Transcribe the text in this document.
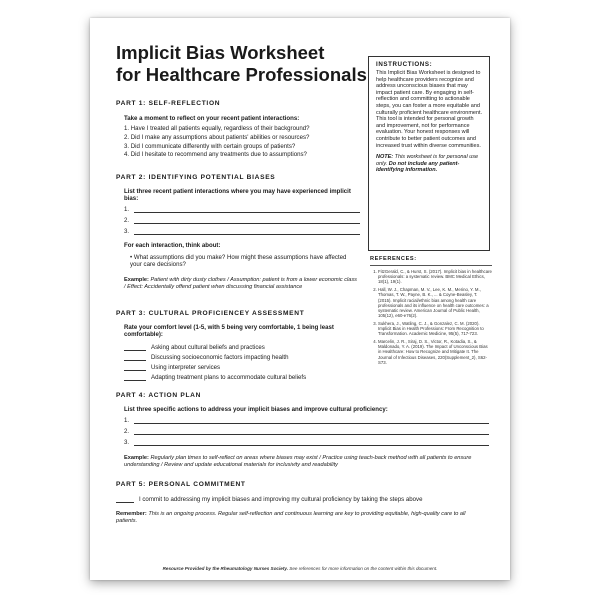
Implicit Bias Worksheet
for Healthcare Professionals INSTRUCTIONS:
This Implicit Bias Worksheet is designed to help healthcare providers recognize and address unconscious biases that may impact patient care. By engaging in self-reflection and committing to actionable steps, you can foster a more equitable and culturally proficient healthcare environment. This tool is intended for personal growth and improvement, not for performance evaluation. Your honest responses will contribute to better patient outcomes and increased trust within diverse communities.
NOTE: This worksheet is for personal use only. Do not include any patient-identifying information.
REFERENCES:
1. FitzGerald, C., & Hurst, S. (2017). Implicit bias in healthcare professionals: a systematic review. BMC Medical Ethics, 18(1), 19(1).
2. Hall, W. J., Chapman, M. V., Lee, K. M., Merino, Y. M., Thomas, T. W., Payne, B. K., ... & Coyne-Beasley, T. (2015). Implicit racial/ethnic bias among health care professionals and its influence on health care outcomes: a systematic review. American Journal of Public Health, 105(12), e60-e76(2).
3. Sukhera, J., Watling, C. J., & Gonzalez, C. M. (2020). Implicit Bias in Health Professions: From Recognition to Transformation. Academic Medicine, 95(5), 717-723.
4. Marcelin, J. R., Siraj, D. S., Victor, R., Kotadia, S., & Maldonado, Y. A. (2019). The Impact of Unconscious Bias in Healthcare: How to Recognize and Mitigate It. The Journal of Infectious Diseases, 220(Supplement_2), S62-S73.
PART 1: SELF-REFLECTION
Take a moment to reflect on your recent patient interactions:
1. Have I treated all patients equally, regardless of their background?
2. Did I make any assumptions about patients' abilities or resources?
3. Did I communicate differently with certain groups of patients?
4. Did I hesitate to recommend any treatments due to assumptions?
PART 2: IDENTIFYING POTENTIAL BIASES
List three recent patient interactions where you may have experienced implicit bias:
1.
2.
3.
For each interaction, think about:
• What assumptions did you make? How might these assumptions have affected your care decisions?
Example: Patient with dirty dusty clothes / Assumption: patient is from a lower economic class / Effect: Accidentally offend patient when discussing financial assistance
PART 3: CULTURAL PROFICIENCEY ASSESSMENT
Rate your comfort level (1-5, with 5 being very comfortable, 1 being least comfortable):
Asking about cultural beliefs and practices
Discussing socioeconomic factors impacting health
Using interpreter services
Adapting treatment plans to accommodate cultural beliefs
PART 4: ACTION PLAN
List three specific actions to address your implicit biases and improve cultural proficiency:
1.
2.
3.
Example: Regularly plan times to self-reflect on areas where biases may exist / Practice using teach-back method with all patients to ensure understanding / Review and update educational materials for inclusivity and readability
PART 5: PERSONAL COMMITMENT
I commit to addressing my implicit biases and improving my cultural proficiency by taking the steps above
Remember: This is an ongoing process. Regular self-reflection and continuous learning are key to providing equitable, high-quality care to all patients.
Resource Provided by the Rheumatology Nurses Society. See references for more information on the content within this document.
